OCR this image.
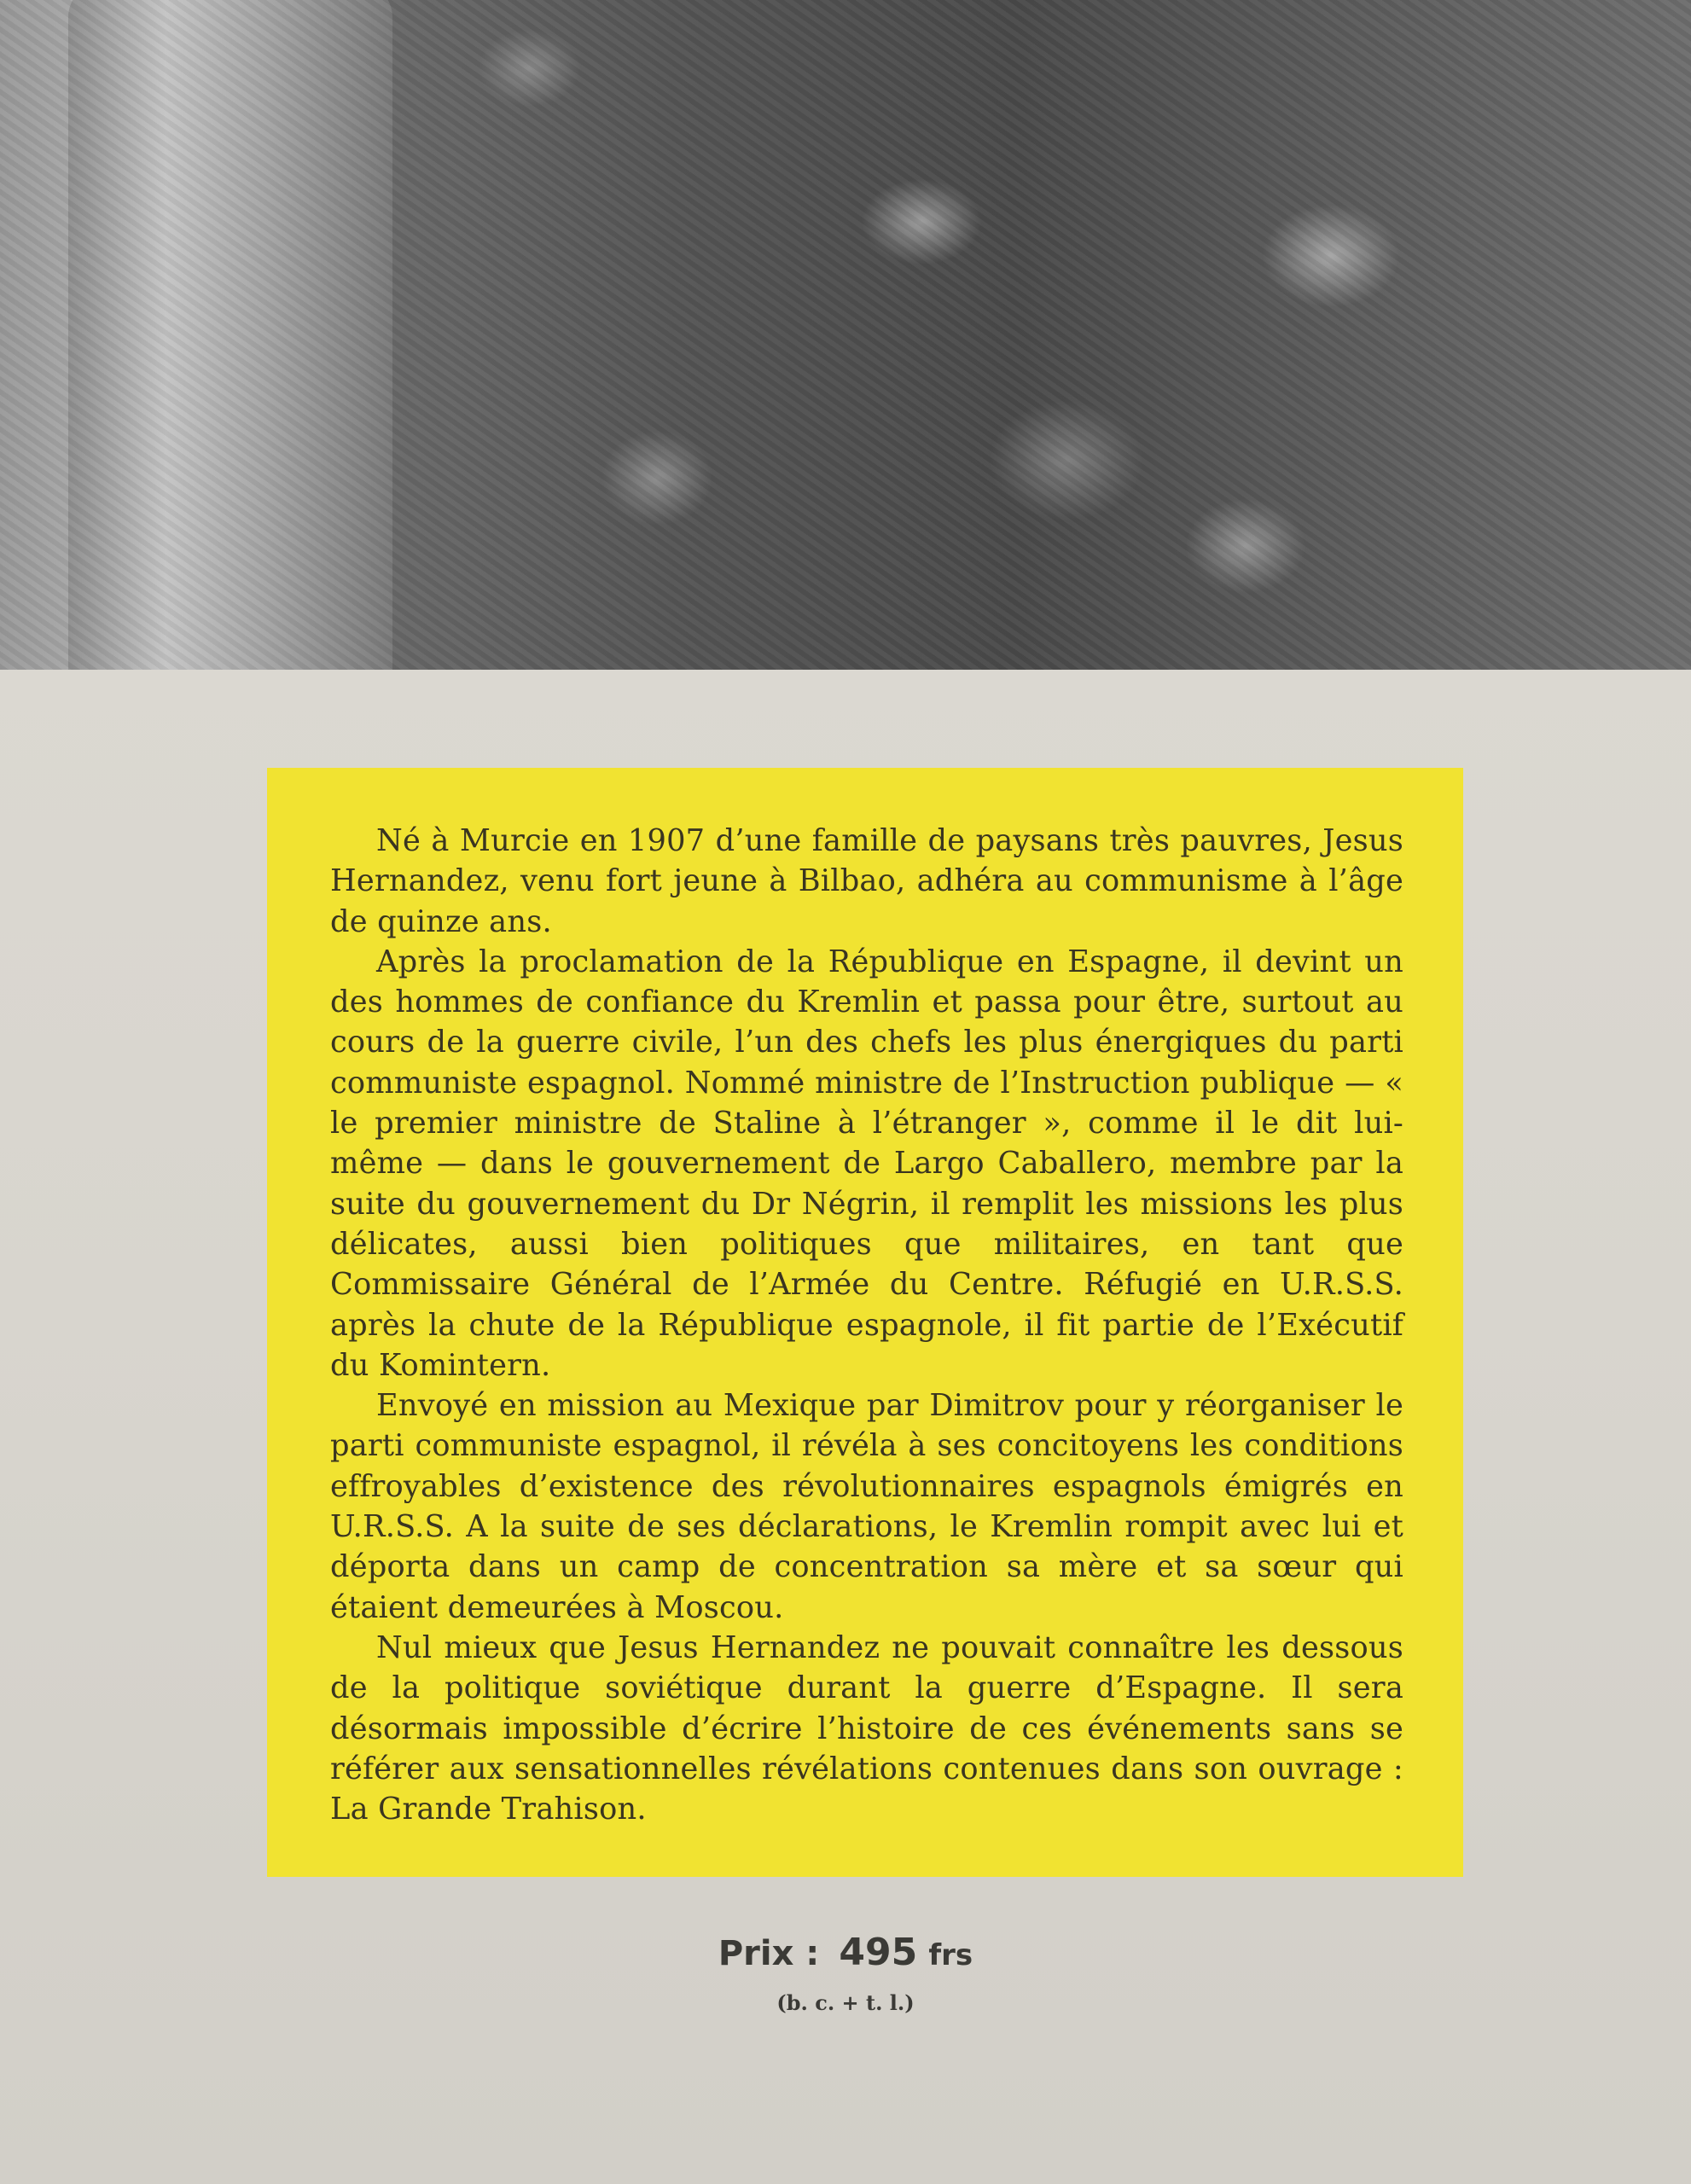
Né à Murcie en 1907 d’une famille de paysans très pauvres, Jesus Hernandez, venu fort jeune à Bilbao, adhéra au communisme à l’âge de quinze ans.

Après la proclamation de la République en Espagne, il devint un des hommes de confiance du Kremlin et passa pour être, surtout au cours de la guerre civile, l’un des chefs les plus énergiques du parti communiste espagnol. Nommé ministre de l’Instruction publique — « le premier ministre de Staline à l’étranger », comme il le dit lui-même — dans le gouvernement de Largo Caballero, membre par la suite du gouvernement du Dr Négrin, il remplit les missions les plus délicates, aussi bien politiques que militaires, en tant que Commissaire Général de l’Armée du Centre. Réfugié en U.R.S.S. après la chute de la République espagnole, il fit partie de l’Exécutif du Komintern.

Envoyé en mission au Mexique par Dimitrov pour y réorganiser le parti communiste espagnol, il révéla à ses concitoyens les conditions effroyables d’existence des révolutionnaires espagnols émigrés en U.R.S.S. A la suite de ses déclarations, le Kremlin rompit avec lui et déporta dans un camp de concentration sa mère et sa sœur qui étaient demeurées à Moscou.

Nul mieux que Jesus Hernandez ne pouvait connaître les dessous de la politique soviétique durant la guerre d’Espagne. Il sera désormais impossible d’écrire l’histoire de ces événements sans se référer aux sensationnelles révélations contenues dans son ouvrage : La Grande Trahison.

Prix : 495 frs
(b. c. + t. l.)
